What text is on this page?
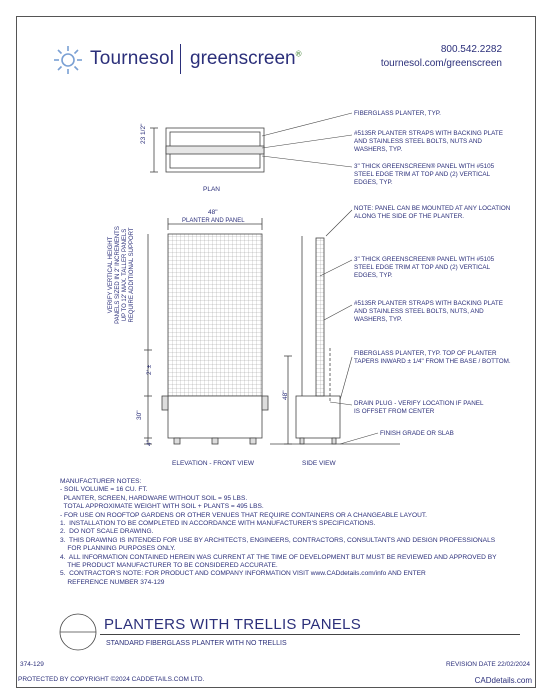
Tournesol greenscreen®	800.542.2282
tournesol.com/greenscreen
23 1/2"
PLAN
48"
PLANTER AND PANEL
VERIFY VERTICAL HEIGHT PANELS SIZED IN 2' INCREMENTS UP TO 12' MAX. TALLER PANELS REQUIRE ADDITIONAL SUPPORT
2' ±
30"
4"
ELEVATION - FRONT VIEW
48"
SIDE VIEW
FIBERGLASS PLANTER, TYP.
#5135R PLANTER STRAPS WITH BACKING PLATE
AND STAINLESS STEEL BOLTS, NUTS AND
WASHERS, TYP.
3" THICK GREENSCREEN® PANEL WITH #5105
STEEL EDGE TRIM AT TOP AND (2) VERTICAL
EDGES, TYP.
NOTE: PANEL CAN BE MOUNTED AT ANY LOCATION
ALONG THE SIDE OF THE PLANTER.
3" THICK GREENSCREEN® PANEL WITH #5105
STEEL EDGE TRIM AT TOP AND (2) VERTICAL
EDGES, TYP.
#5135R PLANTER STRAPS WITH BACKING PLATE
AND STAINLESS STEEL BOLTS, NUTS, AND
WASHERS, TYP.
FIBERGLASS PLANTER, TYP. TOP OF PLANTER
TAPERS INWARD ± 1/4" FROM THE BASE / BOTTOM.
DRAIN PLUG - VERIFY LOCATION IF PANEL
IS OFFSET FROM CENTER
FINISH GRADE OR SLAB
MANUFACTURER NOTES:
- SOIL VOLUME = 16 CU. FT.
PLANTER, SCREEN, HARDWARE WITHOUT SOIL = 95 LBS.
TOTAL APPROXIMATE WEIGHT WITH SOIL + PLANTS = 495 LBS.
- FOR USE ON ROOFTOP GARDENS OR OTHER VENUES THAT REQUIRE CONTAINERS OR A CHANGEABLE LAYOUT.
1.  INSTALLATION TO BE COMPLETED IN ACCORDANCE WITH MANUFACTURER'S SPECIFICATIONS.
2.  DO NOT SCALE DRAWING.
3.  THIS DRAWING IS INTENDED FOR USE BY ARCHITECTS, ENGINEERS, CONTRACTORS, CONSULTANTS AND DESIGN PROFESSIONALS
FOR PLANNING PURPOSES ONLY.
4.  ALL INFORMATION CONTAINED HEREIN WAS CURRENT AT THE TIME OF DEVELOPMENT BUT MUST BE REVIEWED AND APPROVED BY
THE PRODUCT MANUFACTURER TO BE CONSIDERED ACCURATE.
5.  CONTRACTOR'S NOTE: FOR PRODUCT AND COMPANY INFORMATION VISIT www.CADdetails.com/info AND ENTER
REFERENCE NUMBER 374-129
PLANTERS WITH TRELLIS PANELS
STANDARD FIBERGLASS PLANTER WITH NO TRELLIS
374-129	REVISION DATE 22/02/2024
PROTECTED BY COPYRIGHT ©2024 CADDETAILS.COM LTD.	CADdetails.com
